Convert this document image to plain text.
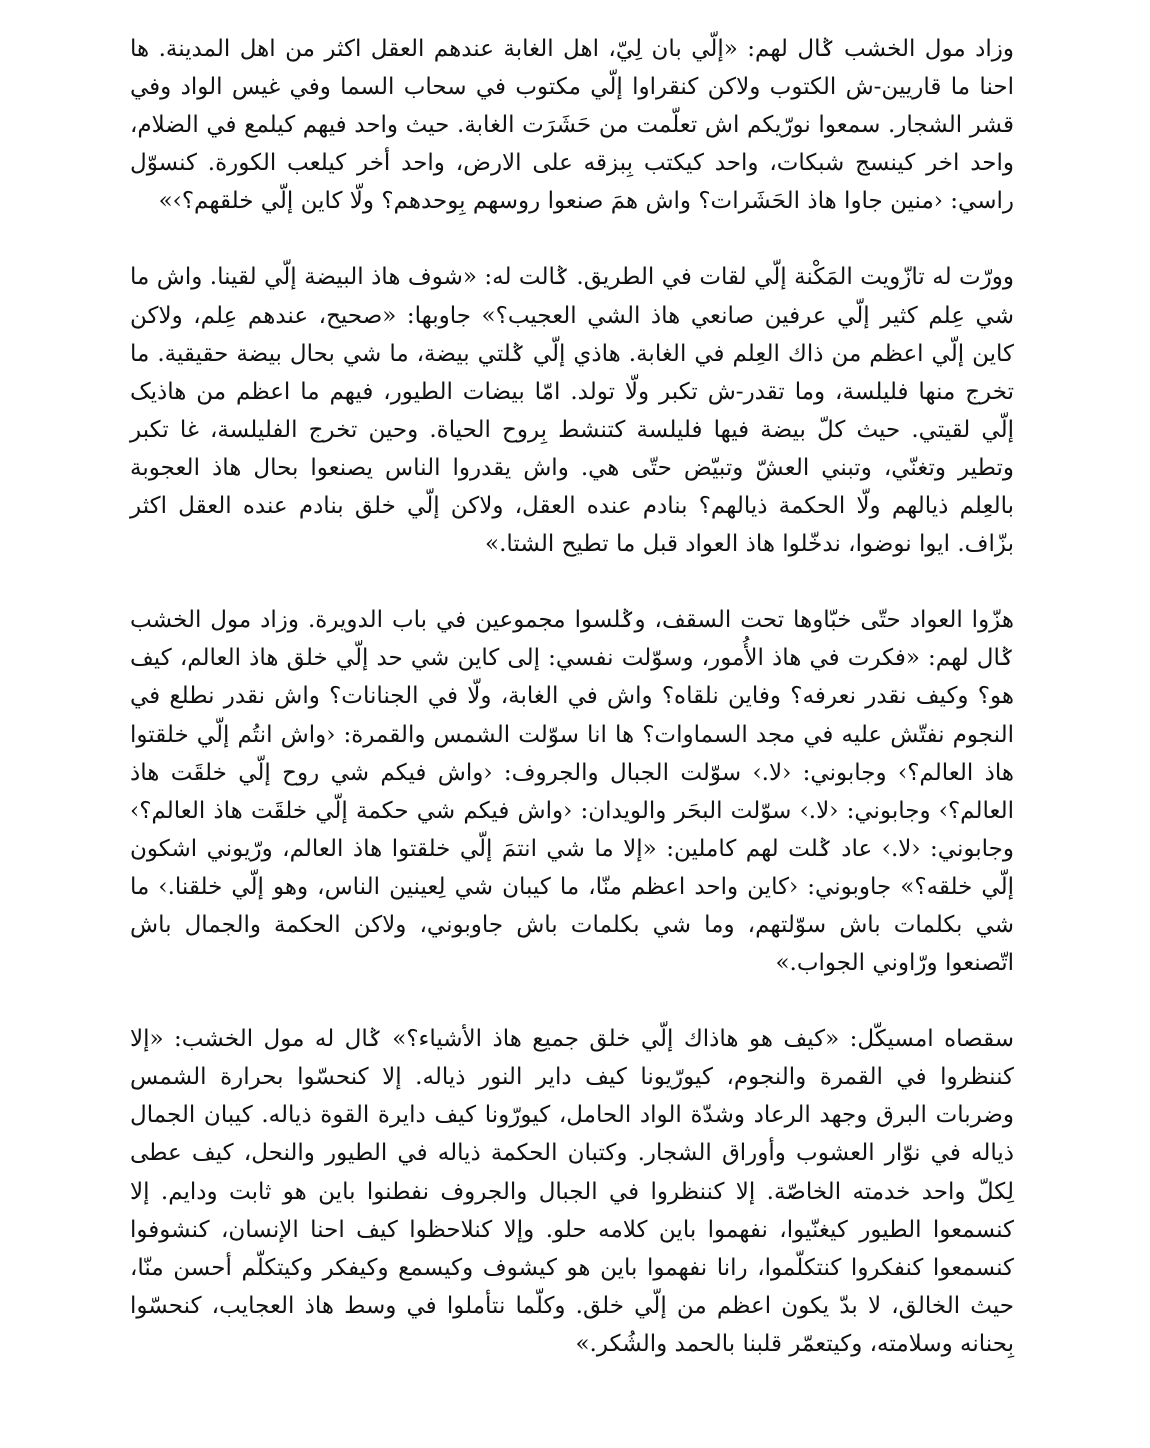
وزاد مول الخشب ݣال لهم: «إلّي بان لِيّ، اهل الغابة عندهم العقل اكثر من اهل المدينة. ها احنا ما قاريين-ش الكتوب ولاكن كنقراوا إلّي مكتوب في سحاب السما وفي غيس الواد وفي قشر الشجار. سمعوا نورّيكم اش تعلّمت من حَشَرَت الغابة. حيث واحد فيهم كيلمع في الضلام، واحد اخر كينسج شبكات، واحد كيكتب بِبزقه على الارض، واحد أخر كيلعب الكورة. كنسوّل راسي: ‹منين جاوا هاذ الحَشَرات؟ واش همَ صنعوا روسهم بِوحدهم؟ ولّا كاين إلّي خلقهم؟›»

وورّت له تازّويت المَكْنة إلّي لقات في الطريق. ݣالت له: «شوف هاذ البيضة إلّي لقينا. واش ما شي عِلم كثير إلّي عرفين صانعي هاذ الشي العجيب؟» جاوبها: «صحيح، عندهم عِلم، ولاكن كاين إلّي اعظم من ذاك العِلم في الغابة. هاذي إلّي ݣلتي بيضة، ما شي بحال بيضة حقيقية. ما تخرج منها فليلسة، وما تقدر-ش تكبر ولّا تولد. امّا بيضات الطيور، فيهم ما اعظم من هاذيک إلّي لقيتي. حيث كلّ بيضة فيها فليلسة كتنشط بِروح الحياة. وحين تخرج الفليلسة، غا تكبر وتطير وتغنّي، وتبني العشّ وتبيّض حتّى هي. واش يقدروا الناس يصنعوا بحال هاذ العجوبة بالعِلم ذيالهم ولّا الحكمة ذيالهم؟ بنادم عنده العقل، ولاكن إلّي خلق بنادم عنده العقل اكثر بزّاف. ايوا نوضوا، ندخّلوا هاذ العواد قبل ما تطيح الشتا.»

هزّوا العواد حتّى خبّاوها تحت السقف، وݣلسوا مجموعين في باب الدويرة. وزاد مول الخشب ݣال لهم: «فكرت في هاذ الأُمور، وسوّلت نفسي: إلى كاين شي حد إلّي خلق هاذ العالم، كيف هو؟ وكيف نقدر نعرفه؟ وفاين نلقاه؟ واش في الغابة، ولّا في الجنانات؟ واش نقدر نطلع في النجوم نفتّش عليه في مجد السماوات؟ ها انا سوّلت الشمس والقمرة: ‹واش انتُم إلّي خلقتوا هاذ العالم؟› وجابوني: ‹لا.› سوّلت الجبال والجروف: ‹واش فيكم شي روح إلّي خلقَت هاذ العالم؟› وجابوني: ‹لا.› سوّلت البحَر والويدان: ‹واش فيكم شي حكمة إلّي خلقَت هاذ العالم؟› وجابوني: ‹لا.› عاد ݣلت لهم كاملين: «إلا ما شي انتمَ إلّي خلقتوا هاذ العالم، ورّيوني اشكون إلّي خلقه؟» جاوبوني: ‹كاين واحد اعظم منّا، ما كيبان شي لِعينين الناس، وهو إلّي خلقنا.› ما شي بكلمات باش سوّلتهم، وما شي بكلمات باش جاوبوني، ولاكن الحكمة والجمال باش اتّصنعوا ورّاوني الجواب.»

سقصاه امسيكّل: «كيف هو هاذاك إلّي خلق جميع هاذ الأشياء؟» ݣال له مول الخشب: «إلا كننظروا في القمرة والنجوم، كيورّيونا كيف داير النور ذياله. إلا كنحسّوا بحرارة الشمس وضربات البرق وجهد الرعاد وشدّة الواد الحامل، كيورّونا كيف دايرة القوة ذياله. كيبان الجمال ذياله في نوّار العشوب وأوراق الشجار. وكتبان الحكمة ذياله في الطيور والنحل، كيف عطى لِكلّ واحد خدمته الخاصّة. إلا كننظروا في الجبال والجروف نفطنوا باين هو ثابت ودايم. إلا كنسمعوا الطيور كيغنّيوا، نفهموا باين كلامه حلو. وإلا كنلاحظوا كيف احنا الإنسان، كنشوفوا كنسمعوا كنفكروا كنتكلّموا، رانا نفهموا باين هو كيشوف وكيسمع وكيفكر وكيتكلّم أحسن منّا، حيث الخالق، لا بدّ يكون اعظم من إلّي خلق. وكلّما نتأملوا في وسط هاذ العجايب، كنحسّوا بِحنانه وسلامته، وكيتعمّر قلبنا بالحمد والشُكر.»
